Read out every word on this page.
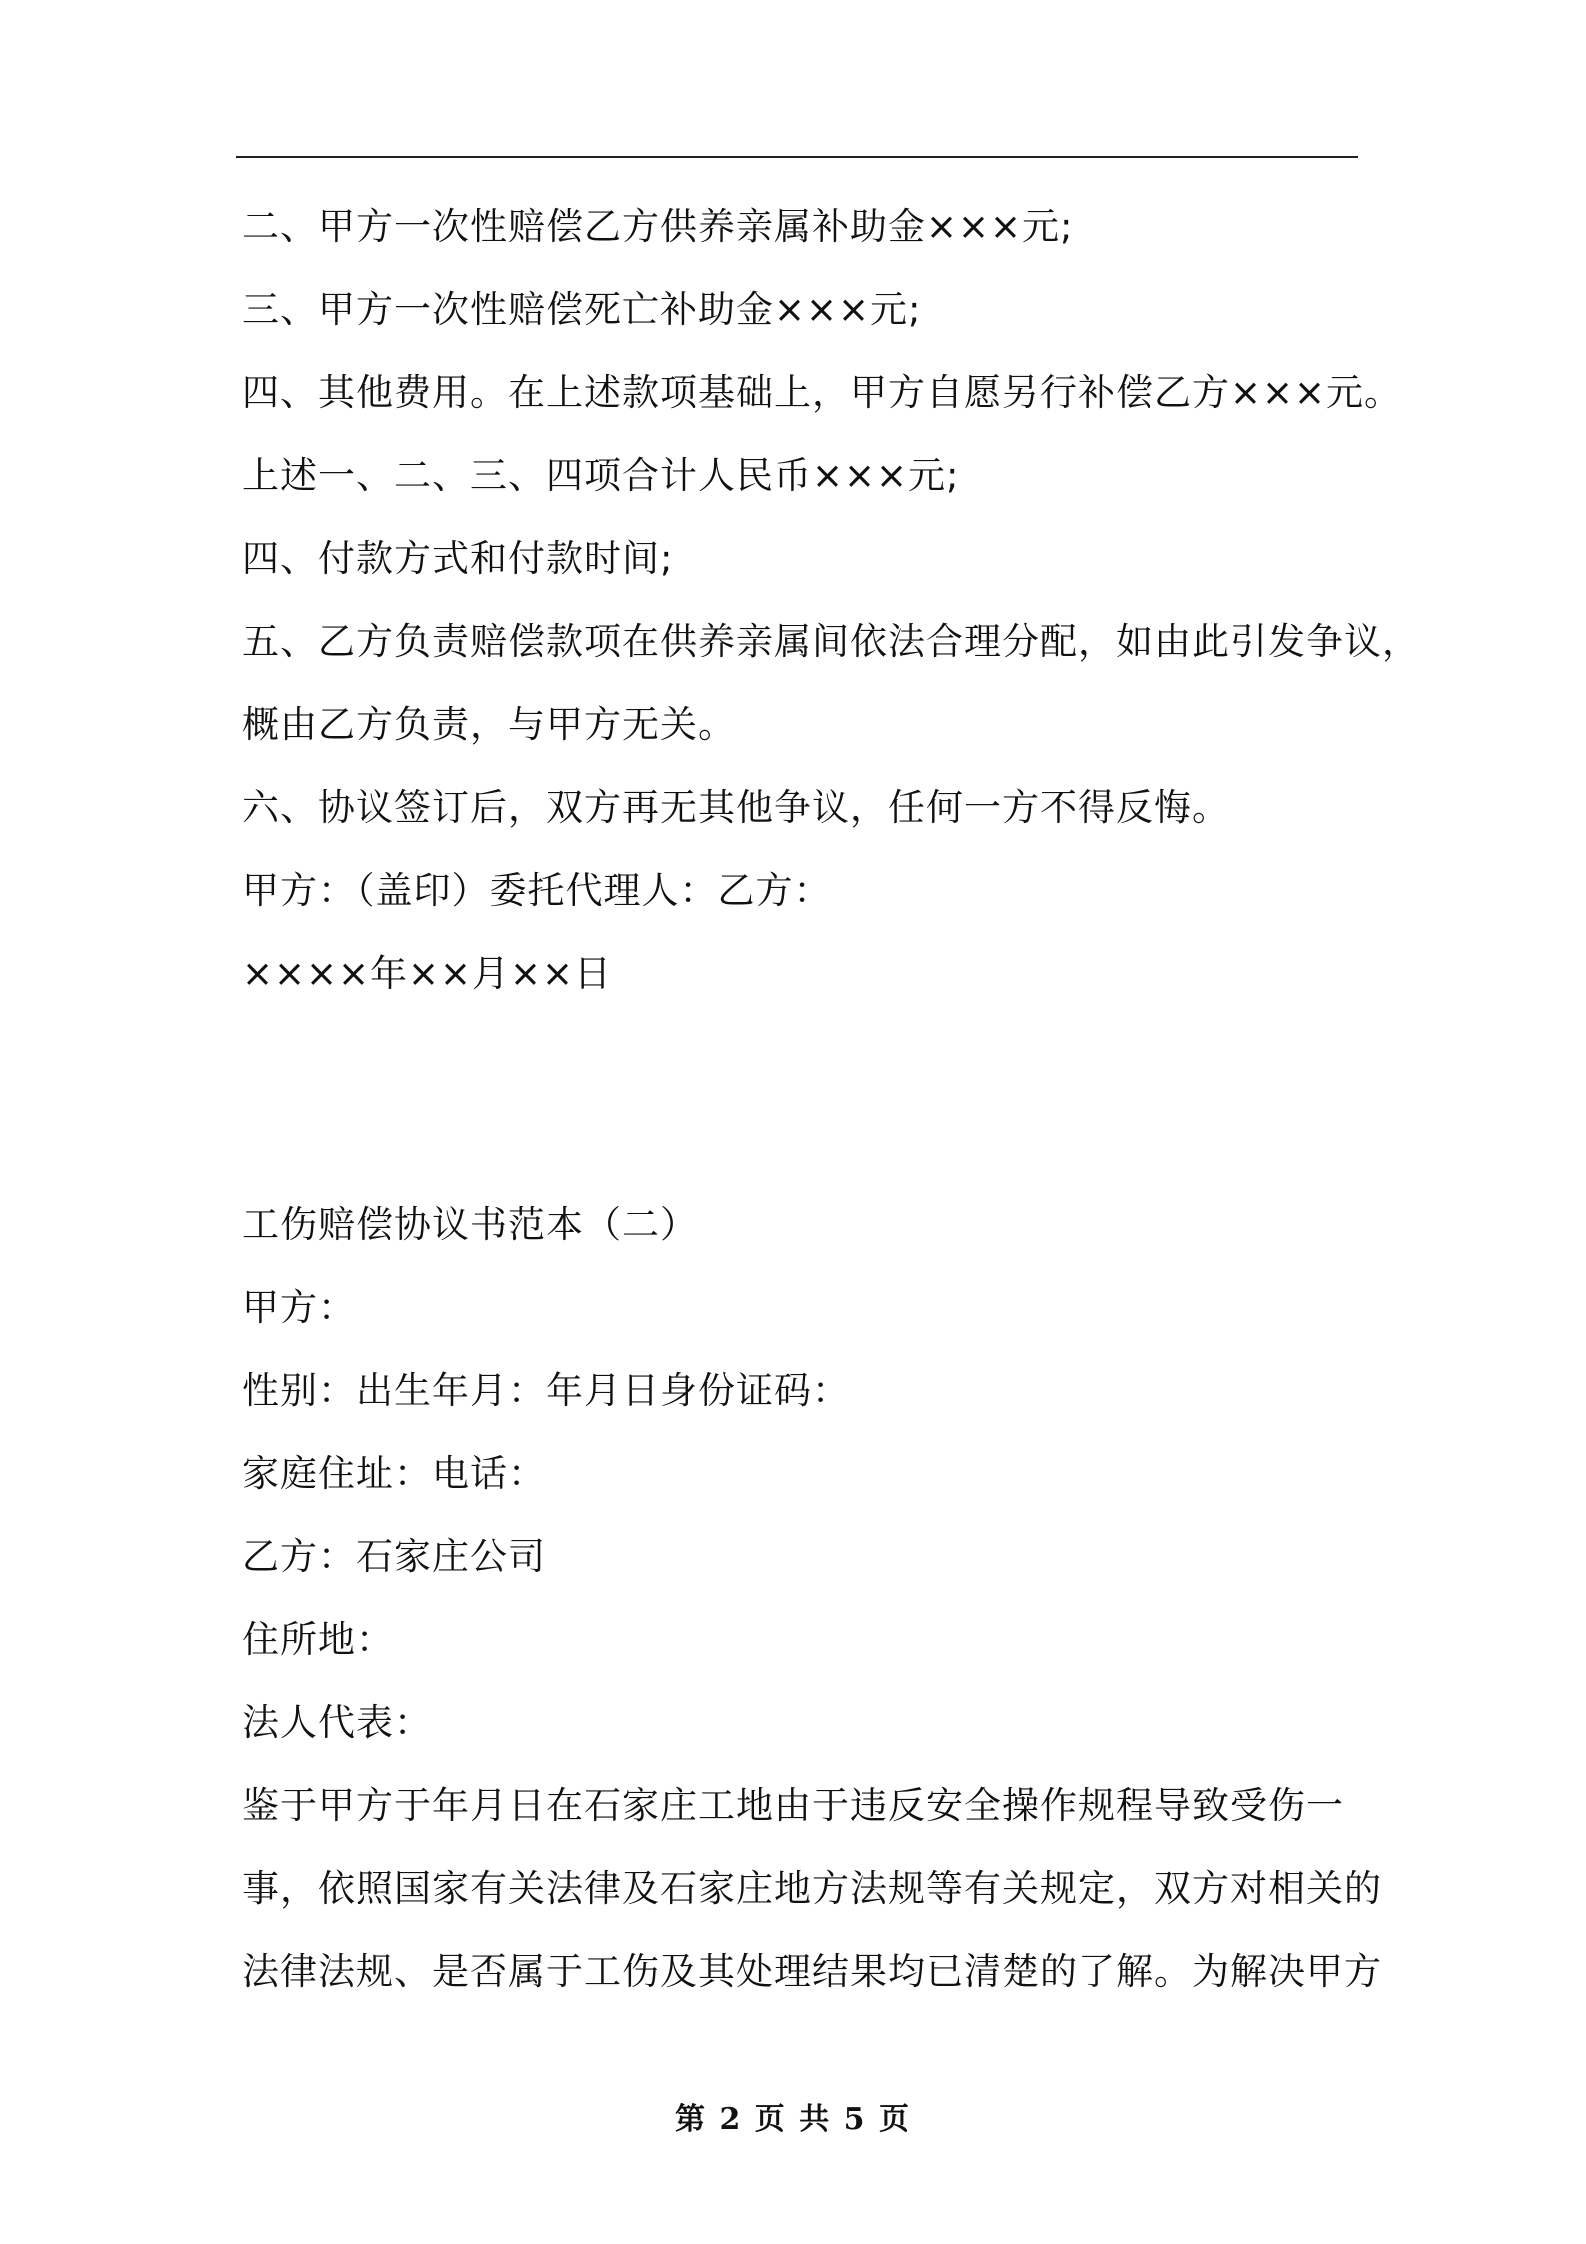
二、甲方一次性赔偿乙方供养亲属补助金×××元;
三、甲方一次性赔偿死亡补助金×××元;
四、其他费用。在上述款项基础上，甲方自愿另行补偿乙方×××元。
上述一、二、三、四项合计人民币×××元;
四、付款方式和付款时间;
五、乙方负责赔偿款项在供养亲属间依法合理分配，如由此引发争议，
概由乙方负责，与甲方无关。
六、协议签订后，双方再无其他争议，任何一方不得反悔。
甲方：（盖印）委托代理人：乙方：
××××年××月××日
工伤赔偿协议书范本（二）
甲方：
性别：出生年月：年月日身份证码：
家庭住址：电话：
乙方：石家庄公司
住所地：
法人代表：
鉴于甲方于年月日在石家庄工地由于违反安全操作规程导致受伤一
事，依照国家有关法律及石家庄地方法规等有关规定，双方对相关的
法律法规、是否属于工伤及其处理结果均已清楚的了解。为解决甲方
第 2 页 共 5 页
